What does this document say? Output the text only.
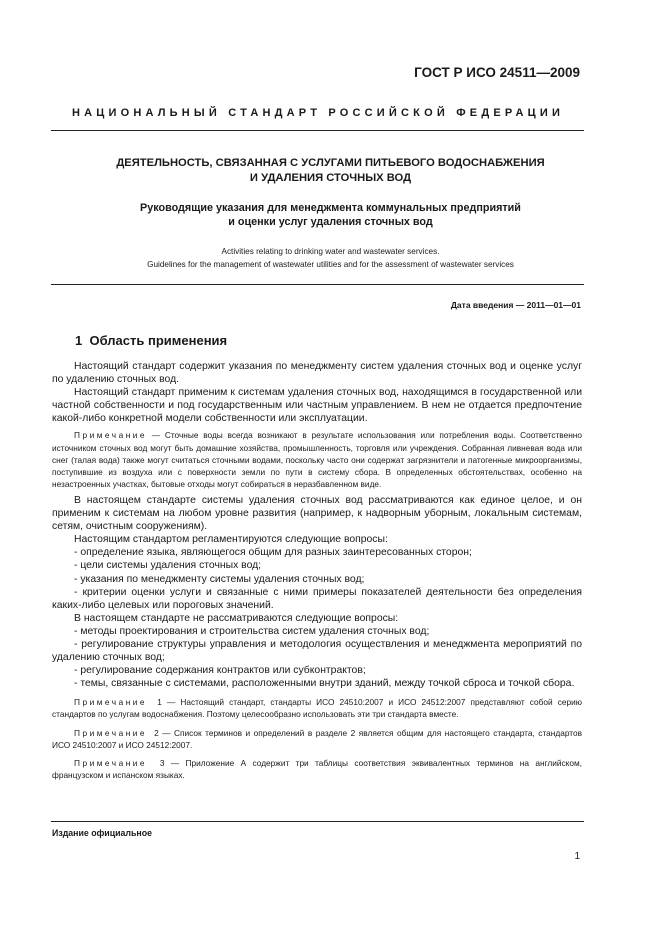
ГОСТ Р ИСО 24511—2009
НАЦИОНАЛЬНЫЙ СТАНДАРТ РОССИЙСКОЙ ФЕДЕРАЦИИ
ДЕЯТЕЛЬНОСТЬ, СВЯЗАННАЯ С УСЛУГАМИ ПИТЬЕВОГО ВОДОСНАБЖЕНИЯ
И УДАЛЕНИЯ СТОЧНЫХ ВОД
Руководящие указания для менеджмента коммунальных предприятий
и оценки услуг удаления сточных вод
Activities relating to drinking water and wastewater services.
Guidelines for the management of wastewater utilities and for the assessment of wastewater services
Дата введения — 2011—01—01
1 Область применения

Настоящий стандарт содержит указания по менеджменту систем удаления сточных вод и оценке услуг по удалению сточных вод.

Настоящий стандарт применим к системам удаления сточных вод, находящимся в государственной или частной собственности и под государственным или частным управлением. В нем не отдается предпочтение какой-либо конкретной модели собственности или эксплуатации.

Примечание — Сточные воды всегда возникают в результате использования или потребления воды. Соответственно источником сточных вод могут быть домашние хозяйства, промышленность, торговля или учреждения. Собранная ливневая вода или снег (талая вода) также могут считаться сточными водами, поскольку часто они содержат загрязнители и патогенные микроорганизмы, поступившие из воздуха или с поверхности земли по пути в систему сбора. В определенных обстоятельствах, особенно на незастроенных участках, бытовые отходы могут собираться в неразбавленном виде.

В настоящем стандарте системы удаления сточных вод рассматриваются как единое целое, и он применим к системам на любом уровне развития (например, к надворным уборным, локальным системам, сетям, очистным сооружениям).

Настоящим стандартом регламентируются следующие вопросы:

- определение языка, являющегося общим для разных заинтересованных сторон;

- цели системы удаления сточных вод;

- указания по менеджменту системы удаления сточных вод;

- критерии оценки услуги и связанные с ними примеры показателей деятельности без определения каких-либо целевых или пороговых значений.

В настоящем стандарте не рассматриваются следующие вопросы:

- методы проектирования и строительства систем удаления сточных вод;

- регулирование структуры управления и методология осуществления и менеджмента мероприятий по удалению сточных вод;

- регулирование содержания контрактов или субконтрактов;

- темы, связанные с системами, расположенными внутри зданий, между точкой сброса и точкой сбора.

Примечание 1 — Настоящий стандарт, стандарты ИСО 24510:2007 и ИСО 24512:2007 представляют собой серию стандартов по услугам водоснабжения. Поэтому целесообразно использовать эти три стандарта вместе.

Примечание 2 — Список терминов и определений в разделе 2 является общим для настоящего стандарта, стандартов ИСО 24510:2007 и ИСО 24512:2007.

Примечание 3 — Приложение А содержит три таблицы соответствия эквивалентных терминов на английском, французском и испанском языках.

Издание официальное
1
